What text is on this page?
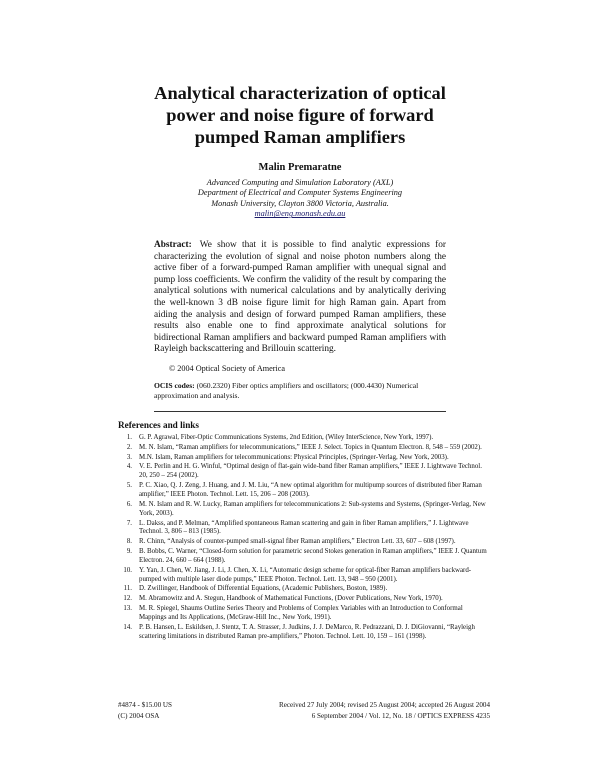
Analytical characterization of optical
power and noise figure of forward
pumped Raman amplifiers
Malin Premaratne
Advanced Computing and Simulation Laboratory (AXL)
Department of Electrical and Computer Systems Engineering
Monash University, Clayton 3800 Victoria, Australia.
malin@eng.monash.edu.au
Abstract: We show that it is possible to find analytic expressions for characterizing the evolution of signal and noise photon numbers along the active fiber of a forward-pumped Raman amplifier with unequal signal and pump loss coefficients. We confirm the validity of the result by comparing the analytical solutions with numerical calculations and by analytically deriving the well-known 3 dB noise figure limit for high Raman gain. Apart from aiding the analysis and design of forward pumped Raman amplifiers, these results also enable one to find approximate analytical solutions for bidirectional Raman amplifiers and backward pumped Raman amplifiers with Rayleigh backscattering and Brillouin scattering.
© 2004 Optical Society of America
OCIS codes: (060.2320) Fiber optics amplifiers and oscillators; (000.4430) Numerical approximation and analysis.
References and links
1. G. P. Agrawal, Fiber-Optic Communications Systems, 2nd Edition, (Wiley InterScience, New York, 1997).
2. M. N. Islam, “Raman amplifiers for telecommunications,” IEEE J. Select. Topics in Quantum Electron. 8, 548 – 559 (2002).
3. M.N. Islam, Raman amplifiers for telecommunications: Physical Principles, (Springer-Verlag, New York, 2003).
4. V. E. Perlin and H. G. Winful, “Optimal design of flat-gain wide-band fiber Raman amplifiers,” IEEE J. Lightwave Technol. 20, 250 – 254 (2002).
5. P. C. Xiao, Q. J. Zeng, J. Huang, and J. M. Liu, “A new optimal algorithm for multipump sources of distributed fiber Raman amplifier,” IEEE Photon. Technol. Lett. 15, 206 – 208 (2003).
6. M. N. Islam and R. W. Lucky, Raman amplifiers for telecommunications 2: Sub-systems and Systems, (Springer-Verlag, New York, 2003).
7. L. Dakss, and P. Melman, “Amplified spontaneous Raman scattering and gain in fiber Raman amplifiers,” J. Lightwave Technol. 3, 806 – 813 (1985).
8. R. Chinn, “Analysis of counter-pumped small-signal fiber Raman amplifiers,” Electron Lett. 33, 607 – 608 (1997).
9. B. Bobbs, C. Warner, “Closed-form solution for parametric second Stokes generation in Raman amplifiers,” IEEE J. Quantum Electron. 24, 660 – 664 (1988).
10. Y. Yan, J. Chen, W. Jiang, J. Li, J. Chen, X. Li, “Automatic design scheme for optical-fiber Raman amplifiers backward-pumped with multiple laser diode pumps,” IEEE Photon. Technol. Lett. 13, 948 – 950 (2001).
11. D. Zwillinger, Handbook of Differential Equations, (Academic Publishers, Boston, 1989).
12. M. Abramowitz and A. Stegun, Handbook of Mathematical Functions, (Dover Publications, New York, 1970).
13. M. R. Spiegel, Shaums Outline Series Theory and Problems of Complex Variables with an Introduction to Conformal Mappings and Its Applications, (McGraw-Hill Inc., New York, 1991).
14. P. B. Hansen, L. Eskildsen, J. Stentz, T. A. Strasser, J. Judkins, J. J. DeMarco, R. Pedrazzani, D. J. DiGiovanni, “Rayleigh scattering limitations in distributed Raman pre-amplifiers,” Photon. Technol. Lett. 10, 159 – 161 (1998).
#4874 - $15.00 US	Received 27 July 2004; revised 25 August 2004; accepted 26 August 2004
(C) 2004 OSA	6 September 2004 / Vol. 12, No. 18 / OPTICS EXPRESS 4235
